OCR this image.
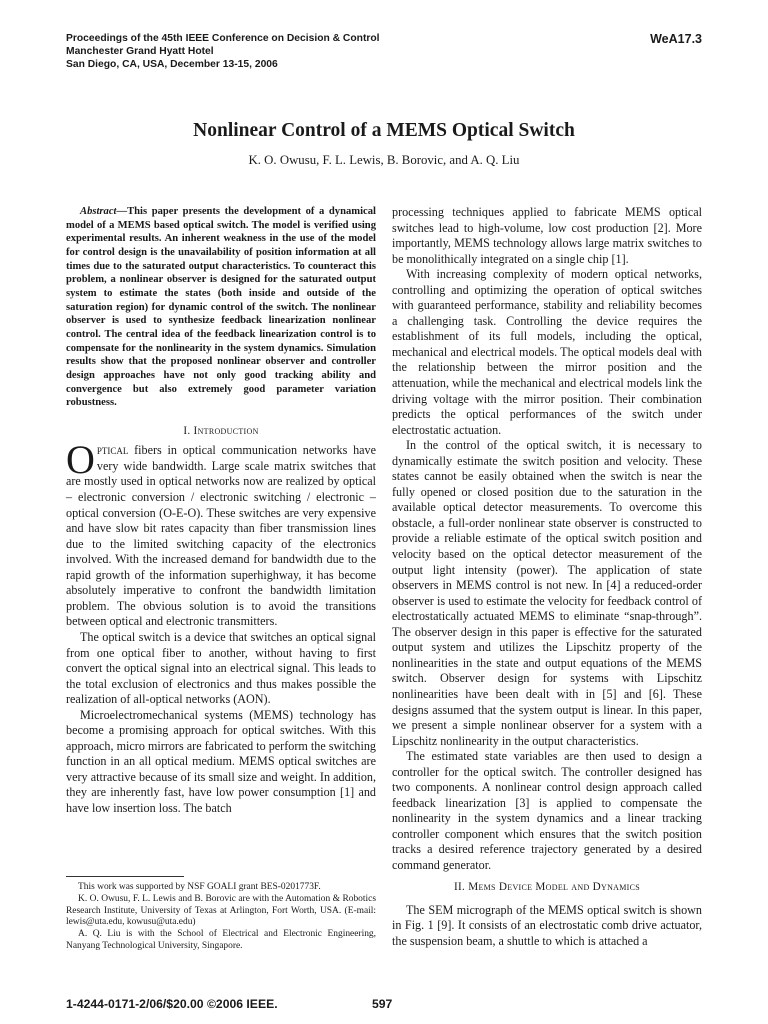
Proceedings of the 45th IEEE Conference on Decision & Control
Manchester Grand Hyatt Hotel
San Diego, CA, USA, December 13-15, 2006
WeA17.3
Nonlinear Control of a MEMS Optical Switch
K. O. Owusu, F. L. Lewis, B. Borovic, and A. Q. Liu

Abstract—This paper presents the development of a dynamical model of a MEMS based optical switch. The model is verified using experimental results. An inherent weakness in the use of the model for control design is the unavailability of position information at all times due to the saturated output characteristics. To counteract this problem, a nonlinear observer is designed for the saturated output system to estimate the states (both inside and outside of the saturation region) for dynamic control of the switch. The nonlinear observer is used to synthesize feedback linearization nonlinear control. The central idea of the feedback linearization control is to compensate for the nonlinearity in the system dynamics. Simulation results show that the proposed nonlinear observer and controller design approaches have not only good tracking ability and convergence but also extremely good parameter variation robustness.

I. Introduction

Optical fibers in optical communication networks have very wide bandwidth. Large scale matrix switches that are mostly used in optical networks now are realized by optical – electronic conversion / electronic switching / electronic – optical conversion (O-E-O). These switches are very expensive and have slow bit rates capacity than fiber transmission lines due to the limited switching capacity of the electronics involved. With the increased demand for bandwidth due to the rapid growth of the information superhighway, it has become absolutely imperative to confront the bandwidth limitation problem. The obvious solution is to avoid the transitions between optical and electronic transmitters.

The optical switch is a device that switches an optical signal from one optical fiber to another, without having to first convert the optical signal into an electrical signal. This leads to the total exclusion of electronics and thus makes possible the realization of all-optical networks (AON).

Microelectromechanical systems (MEMS) technology has become a promising approach for optical switches. With this approach, micro mirrors are fabricated to perform the switching function in an all optical medium. MEMS optical switches are very attractive because of its small size and weight. In addition, they are inherently fast, have low power consumption [1] and have low insertion loss. The batch

processing techniques applied to fabricate MEMS optical switches lead to high-volume, low cost production [2]. More importantly, MEMS technology allows large matrix switches to be monolithically integrated on a single chip [1].

With increasing complexity of modern optical networks, controlling and optimizing the operation of optical switches with guaranteed performance, stability and reliability becomes a challenging task. Controlling the device requires the establishment of its full models, including the optical, mechanical and electrical models. The optical models deal with the relationship between the mirror position and the attenuation, while the mechanical and electrical models link the driving voltage with the mirror position. Their combination predicts the optical performances of the switch under electrostatic actuation.

In the control of the optical switch, it is necessary to dynamically estimate the switch position and velocity. These states cannot be easily obtained when the switch is near the fully opened or closed position due to the saturation in the available optical detector measurements. To overcome this obstacle, a full-order nonlinear state observer is constructed to provide a reliable estimate of the optical switch position and velocity based on the optical detector measurement of the output light intensity (power). The application of state observers in MEMS control is not new. In [4] a reduced-order observer is used to estimate the velocity for feedback control of electrostatically actuated MEMS to eliminate “snap-through”. The observer design in this paper is effective for the saturated output system and utilizes the Lipschitz property of the nonlinearities in the state and output equations of the MEMS switch. Observer design for systems with Lipschitz nonlinearities have been dealt with in [5] and [6]. These designs assumed that the system output is linear. In this paper, we present a simple nonlinear observer for a system with a Lipschitz nonlinearity in the output characteristics.

The estimated state variables are then used to design a controller for the optical switch. The controller designed has two components. A nonlinear control design approach called feedback linearization [3] is applied to compensate the nonlinearity in the system dynamics and a linear tracking controller component which ensures that the switch position tracks a desired reference trajectory generated by a desired command generator.

This work was supported by NSF GOALI grant BES-0201773F.

K. O. Owusu, F. L. Lewis and B. Borovic are with the Automation & Robotics Research Institute, University of Texas at Arlington, Fort Worth, USA. (E-mail: lewis@uta.edu, kowusu@uta.edu)

A. Q. Liu is with the School of Electrical and Electronic Engineering, Nanyang Technological University, Singapore.

II. Mems Device Model and Dynamics

The SEM micrograph of the MEMS optical switch is shown in Fig. 1 [9]. It consists of an electrostatic comb drive actuator, the suspension beam, a shuttle to which is attached a

1-4244-0171-2/06/$20.00 ©2006 IEEE.	597
